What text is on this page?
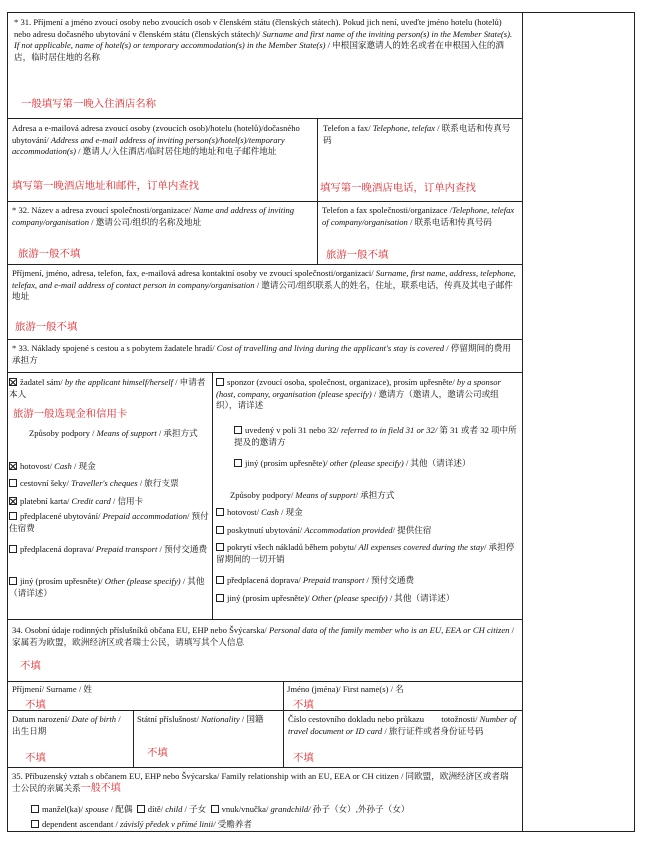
* 31. Příjmení a jméno zvoucí osoby nebo zvoucích osob v členském státu (členských státech). Pokud jich není, uveďte jméno hotelu (hotelů) nebo adresu dočasného ubytování v členském státu (členských státech)/ Surname and first name of the inviting person(s) in the Member State(s). If not applicable, name of hotel(s) or temporary accommodation(s) in the Member State(s) / 申根国家邀请人的姓名或者在申根国入住的酒店，临时居住地的名称
一般填写第一晚入住酒店名称
Adresa a e-mailová adresa zvoucí osoby (zvoucích osob)/hotelu (hotelů)/dočasného ubytování/ Address and e-mail address of inviting person(s)/hotel(s)/temporary accommodation(s) / 邀请人/入住酒店/临时居住地的地址和电子邮件地址
填写第一晚酒店地址和邮件，订单内查找
Telefon a fax/ Telephone, telefax / 联系电话和传真号码
填写第一晚酒店电话，订单内查找
* 32. Název a adresa zvoucí společnosti/organizace/ Name and address of inviting company/organisation / 邀请公司/组织的名称及地址
旅游一般不填
Telefon a fax společnosti/organizace /Telephone, telefax of company/organisation / 联系电话和传真号码
旅游一般不填
Příjmení, jméno, adresa, telefon, fax, e-mailová adresa kontaktní osoby ve zvoucí společnosti/organizaci/ Surname, first name, address, telephone, telefax, and e-mail address of contact person in company/organisation / 邀请公司/组织联系人的姓名，住址，联系电话，传真及其电子邮件地址
旅游一般不填
* 33. Náklady spojené s cestou a s pobytem žadatele hradí/ Cost of travelling and living during the applicant's stay is covered / 停留期间的费用承担方
žadatel sám/ by the applicant himself/herself / 申请者本人
旅游一般选现金和信用卡
Způsoby podpory / Means of support / 承担方式
hotovost/ Cash / 现金
cestovní šeky/ Traveller's cheques / 旅行支票
platební karta/ Credit card / 信用卡
předplacené ubytování/ Prepaid accommodation/ 预付住宿费
předplacená doprava/ Prepaid transport / 预付交通费
jiný (prosím upřesněte)/ Other (please specify) / 其他（请详述）
sponzor (zvoucí osoba, společnost, organizace), prosím upřesněte/ by a sponsor (host, company, organisation (please specify) / 邀请方（邀请人，邀请公司或组织），请详述
uvedený v poli 31 nebo 32/ referred to in field 31 or 32/ 第 31 或者 32 项中所提及的邀请方
jiný (prosím upřesněte)/ other (please specify) / 其他（请详述）
Způsoby podpory/ Means of support/ 承担方式
hotovost/ Cash / 现金
poskytnutí ubytování/ Accommodation provided/ 提供住宿
pokrytí všech nákladů během pobytu/ All expenses covered during the stay/ 承担停留期间的一切开销
předplacená doprava/ Prepaid transport / 预付交通费
jiný (prosím upřesněte)/ Other (please specify) / 其他（请详述）
34. Osobní údaje rodinných příslušníků občana EU, EHP nebo Švýcarska/ Personal data of the family member who is an EU, EEA or CH citizen / 家属若为欧盟，欧洲经济区或者瑞士公民，请填写其个人信息
不填
Příjmení/ Surname / 姓
不填
Jméno (jména)/ First name(s) / 名
不填
Datum narození/ Date of birth / 出生日期
不填
Státní příslušnost/ Nationality / 国籍
不填
Číslo cestovního dokladu nebo průkazu        totožnosti/ Number of travel document or ID card / 旅行证件或者身份证号码
不填
35. Příbuzenský vztah s občanem EU, EHP nebo Švýcarska/ Family relationship with an EU, EEA or CH citizen / 同欧盟，欧洲经济区或者瑞士公民的亲属关系一般不填
manžel(ka)/ spouse / 配偶 dítě/ child / 子女 vnuk/vnučka/ grandchild/ 孙子（女）,外孙子（女）
dependent ascendant / závislý předek v přímé linii/ 受赡养者
